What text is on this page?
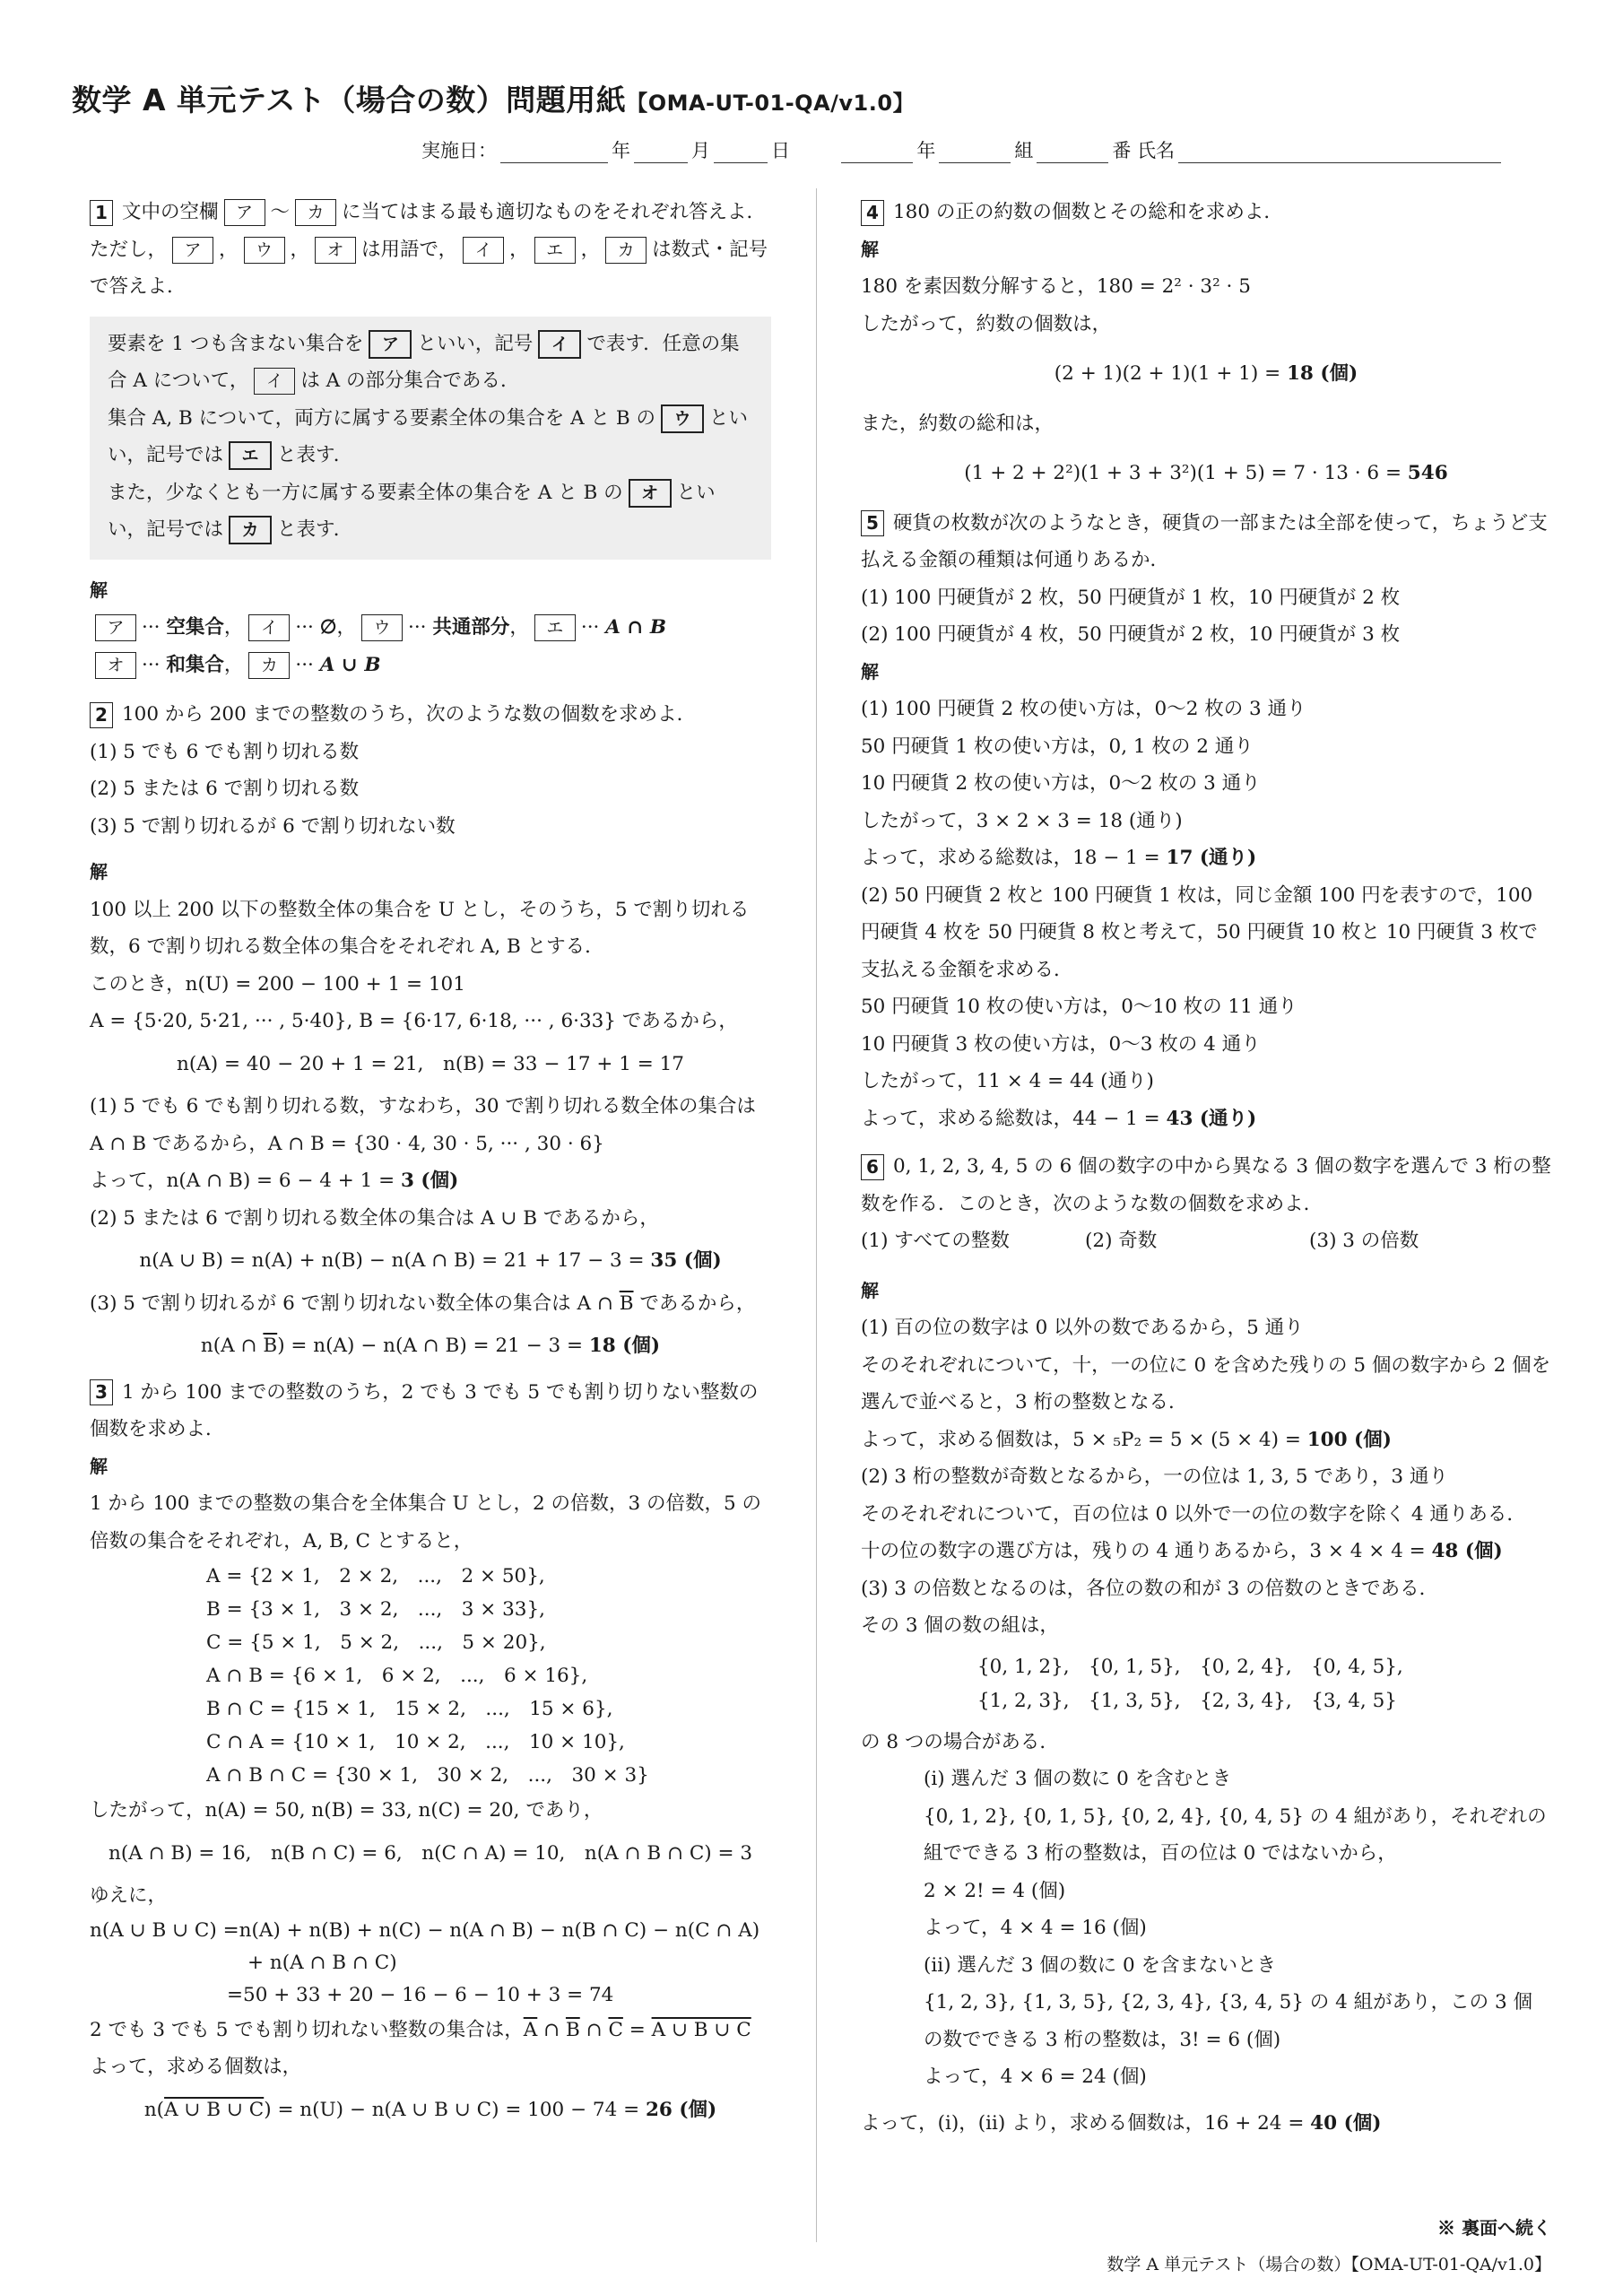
数学 A 単元テスト（場合の数）問題用紙【OMA-UT-01-QA/v1.0】
実施日：	年	月	日	年	組	番 氏名

1 文中の空欄 ア 〜 カ に当てはまる最も適切なものをそれぞれ答えよ．ただし， ア ， ウ ， オ は用語で， イ ， エ ， カ は数式・記号で答えよ．

要素を 1 つも含まない集合を ア といい，記号 イ で表す．任意の集合 A について， イ は A の部分集合である．

集合 A, B について，両方に属する要素全体の集合を A と B の ウ といい，記号では エ と表す．

また，少なくとも一方に属する要素全体の集合を A と B の オ といい，記号では カ と表す．

解

ア ··· 空集合， イ ··· ∅， ウ ··· 共通部分， エ ··· A ∩ B

オ ··· 和集合， カ ··· A ∪ B

2 100 から 200 までの整数のうち，次のような数の個数を求めよ．

(1) 5 でも 6 でも割り切れる数

(2) 5 または 6 で割り切れる数

(3) 5 で割り切れるが 6 で割り切れない数

解

100 以上 200 以下の整数全体の集合を U とし，そのうち，5 で割り切れる数，6 で割り切れる数全体の集合をそれぞれ A, B とする．

このとき，n(U) = 200 − 100 + 1 = 101

A = {5·20, 5·21, ··· , 5·40}, B = {6·17, 6·18, ··· , 6·33} であるから，

n(A) = 40 − 20 + 1 = 21,　n(B) = 33 − 17 + 1 = 17

(1) 5 でも 6 でも割り切れる数，すなわち，30 で割り切れる数全体の集合は A ∩ B であるから，A ∩ B = {30 · 4, 30 · 5, ··· , 30 · 6}

よって，n(A ∩ B) = 6 − 4 + 1 = 3 (個)

(2) 5 または 6 で割り切れる数全体の集合は A ∪ B であるから，

n(A ∪ B) = n(A) + n(B) − n(A ∩ B) = 21 + 17 − 3 = 35 (個)

(3) 5 で割り切れるが 6 で割り切れない数全体の集合は A ∩ $\overline{B}$ であるから，

n(A ∩ $\overline{B}) = n(A) - n(A$ ∩ B) = 21 − 3 = 18 (個)

3 1 から 100 までの整数のうち，2 でも 3 でも 5 でも割り切りない整数の個数を求めよ．

解

1 から 100 までの整数の集合を全体集合 U とし，2 の倍数，3 の倍数，5 の倍数の集合をそれぞれ，A, B, C とすると，

A = {2 × 1,　2 × 2,　...,　2 × 50},

B = {3 × 1,　3 × 2,　...,　3 × 33},

C = {5 × 1,　5 × 2,　...,　5 × 20},

A ∩ B = {6 × 1,　6 × 2,　...,　6 × 16},

B ∩ C = {15 × 1,　15 × 2,　...,　15 × 6},

C ∩ A = {10 × 1,　10 × 2,　...,　10 × 10},

A ∩ B ∩ C = {30 × 1,　30 × 2,　...,　30 × 3}

したがって，n(A) = 50, n(B) = 33, n(C) = 20, であり，

n(A ∩ B) = 16,　n(B ∩ C) = 6,　n(C ∩ A) = 10,　n(A ∩ B ∩ C) = 3

ゆえに，

n(A ∪ B ∪ C) =n(A) + n(B) + n(C) − n(A ∩ B) − n(B ∩ C) − n(C ∩ A)

+ n(A ∩ B ∩ C)

=50 + 33 + 20 − 16 − 6 − 10 + 3 = 74

2 でも 3 でも 5 でも割り切れない整数の集合は，$\overline{A}$ ∩ $\overline{B}$ ∩ $\overline{C} = A$ ∪ B ∪ C

よって，求める個数は，

n(A ∪ B ∪ C) = n(U) − n(A ∪ B ∪ C) = 100 − 74 = 26 (個)

4 180 の正の約数の個数とその総和を求めよ．

解

180 を素因数分解すると，180 = 2² · 3² · 5

したがって，約数の個数は，

(2 + 1)(2 + 1)(1 + 1) = 18 (個)

また，約数の総和は，

(1 + 2 + 2²)(1 + 3 + 3²)(1 + 5) = 7 · 13 · 6 = 546

5 硬貨の枚数が次のようなとき，硬貨の一部または全部を使って，ちょうど支払える金額の種類は何通りあるか．

(1) 100 円硬貨が 2 枚，50 円硬貨が 1 枚，10 円硬貨が 2 枚

(2) 100 円硬貨が 4 枚，50 円硬貨が 2 枚，10 円硬貨が 3 枚

解

(1) 100 円硬貨 2 枚の使い方は，0〜2 枚の 3 通り

50 円硬貨 1 枚の使い方は，0, 1 枚の 2 通り

10 円硬貨 2 枚の使い方は，0〜2 枚の 3 通り

したがって，3 × 2 × 3 = 18 (通り)

よって，求める総数は，18 − 1 = 17 (通り)

(2) 50 円硬貨 2 枚と 100 円硬貨 1 枚は，同じ金額 100 円を表すので，100 円硬貨 4 枚を 50 円硬貨 8 枚と考えて，50 円硬貨 10 枚と 10 円硬貨 3 枚で支払える金額を求める．

50 円硬貨 10 枚の使い方は，0〜10 枚の 11 通り

10 円硬貨 3 枚の使い方は，0〜3 枚の 4 通り

したがって，11 × 4 = 44 (通り)

よって，求める総数は，44 − 1 = 43 (通り)

6 0, 1, 2, 3, 4, 5 の 6 個の数字の中から異なる 3 個の数字を選んで 3 桁の整数を作る．このとき，次のような数の個数を求めよ．

(1) すべての整数	(2) 奇数	(3) 3 の倍数

解

(1) 百の位の数字は 0 以外の数であるから，5 通り

そのそれぞれについて，十，一の位に 0 を含めた残りの 5 個の数字から 2 個を選んで並べると，3 桁の整数となる．

よって，求める個数は，5 × ₅P₂ = 5 × (5 × 4) = 100 (個)

(2) 3 桁の整数が奇数となるから，一の位は 1, 3, 5 であり，3 通り

そのそれぞれについて，百の位は 0 以外で一の位の数字を除く 4 通りある．

十の位の数字の選び方は，残りの 4 通りあるから，3 × 4 × 4 = 48 (個)

(3) 3 の倍数となるのは，各位の数の和が 3 の倍数のときである．

その 3 個の数の組は，

{0, 1, 2},　{0, 1, 5},　{0, 2, 4},　{0, 4, 5},

{1, 2, 3},　{1, 3, 5},　{2, 3, 4},　{3, 4, 5}

の 8 つの場合がある．

(i) 選んだ 3 個の数に 0 を含むとき

{0, 1, 2}, {0, 1, 5}, {0, 2, 4}, {0, 4, 5} の 4 組があり，それぞれの組でできる 3 桁の整数は，百の位は 0 ではないから，

2 × 2! = 4 (個)

よって，4 × 4 = 16 (個)

(ii) 選んだ 3 個の数に 0 を含まないとき

{1, 2, 3}, {1, 3, 5}, {2, 3, 4}, {3, 4, 5} の 4 組があり，この 3 個の数でできる 3 桁の整数は，3! = 6 (個)

よって，4 × 6 = 24 (個)

よって，(i)，(ii) より，求める個数は，16 + 24 = 40 (個)

※ 裏面へ続く
数学 A 単元テスト（場合の数）【OMA-UT-01-QA/v1.0】
